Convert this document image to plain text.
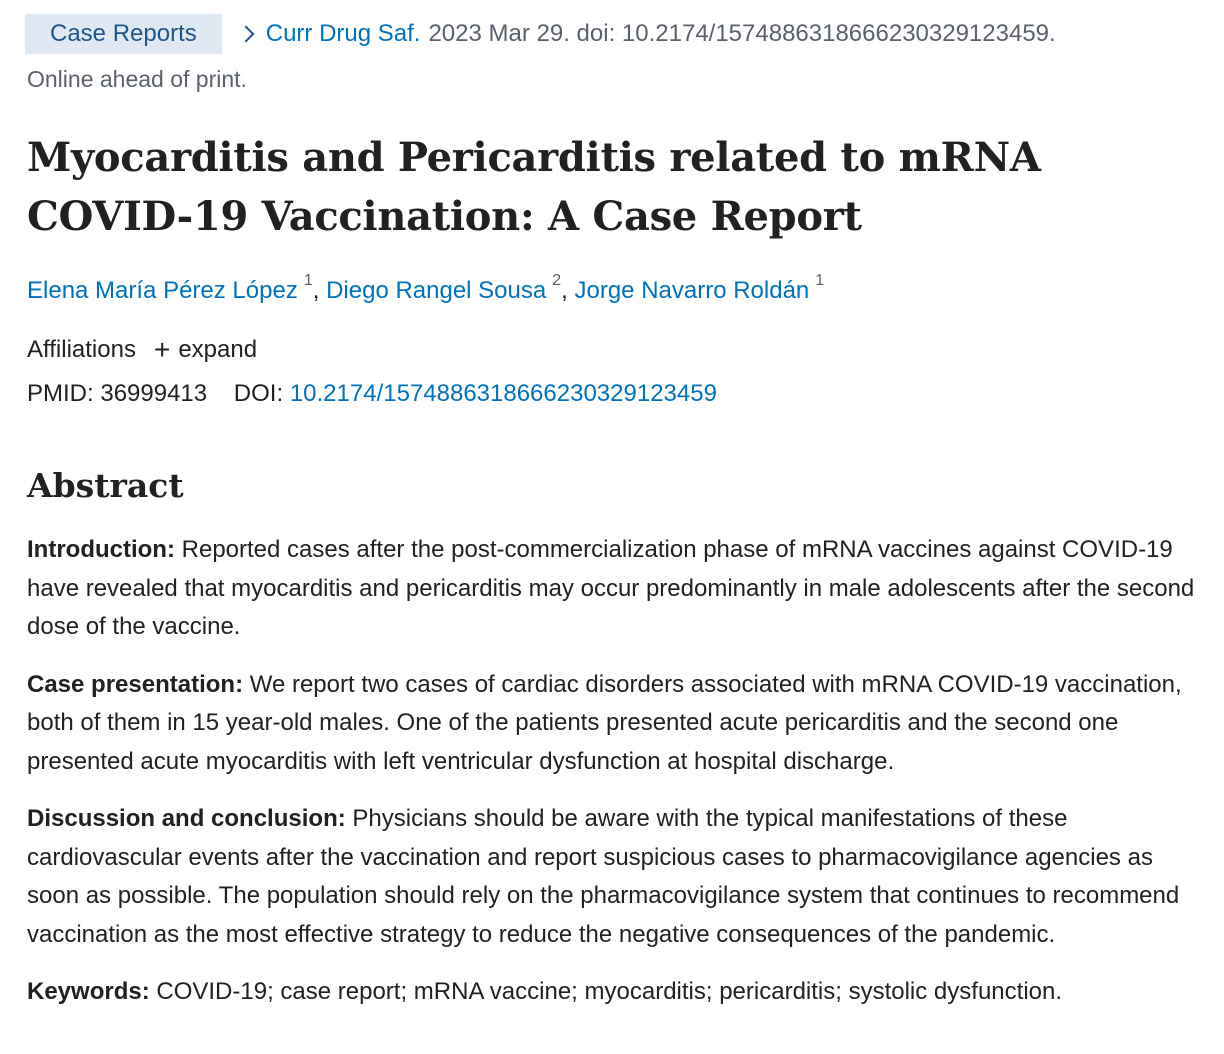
Case Reports	Curr Drug Saf. 2023 Mar 29. doi: 10.2174/1574886318666230329123459.
Online ahead of print.
Myocarditis and Pericarditis related to mRNA COVID-19 Vaccination: A Case Report
Elena María Pérez López $^1$, Diego Rangel Sousa $^2$, Jorge Navarro Roldán $^1$
Affiliations + expand
PMID: 36999413 DOI: 10.2174/1574886318666230329123459
Abstract

Introduction: Reported cases after the post-commercialization phase of mRNA vaccines against COVID-19 have revealed that myocarditis and pericarditis may occur predominantly in male adolescents after the second dose of the vaccine.

Case presentation: We report two cases of cardiac disorders associated with mRNA COVID-19 vaccination, both of them in 15 year-old males. One of the patients presented acute pericarditis and the second one presented acute myocarditis with left ventricular dysfunction at hospital discharge.

Discussion and conclusion: Physicians should be aware with the typical manifestations of these cardiovascular events after the vaccination and report suspicious cases to pharmacovigilance agencies as soon as possible. The population should rely on the pharmacovigilance system that continues to recommend vaccination as the most effective strategy to reduce the negative consequences of the pandemic.

Keywords: COVID-19; case report; mRNA vaccine; myocarditis; pericarditis; systolic dysfunction.
